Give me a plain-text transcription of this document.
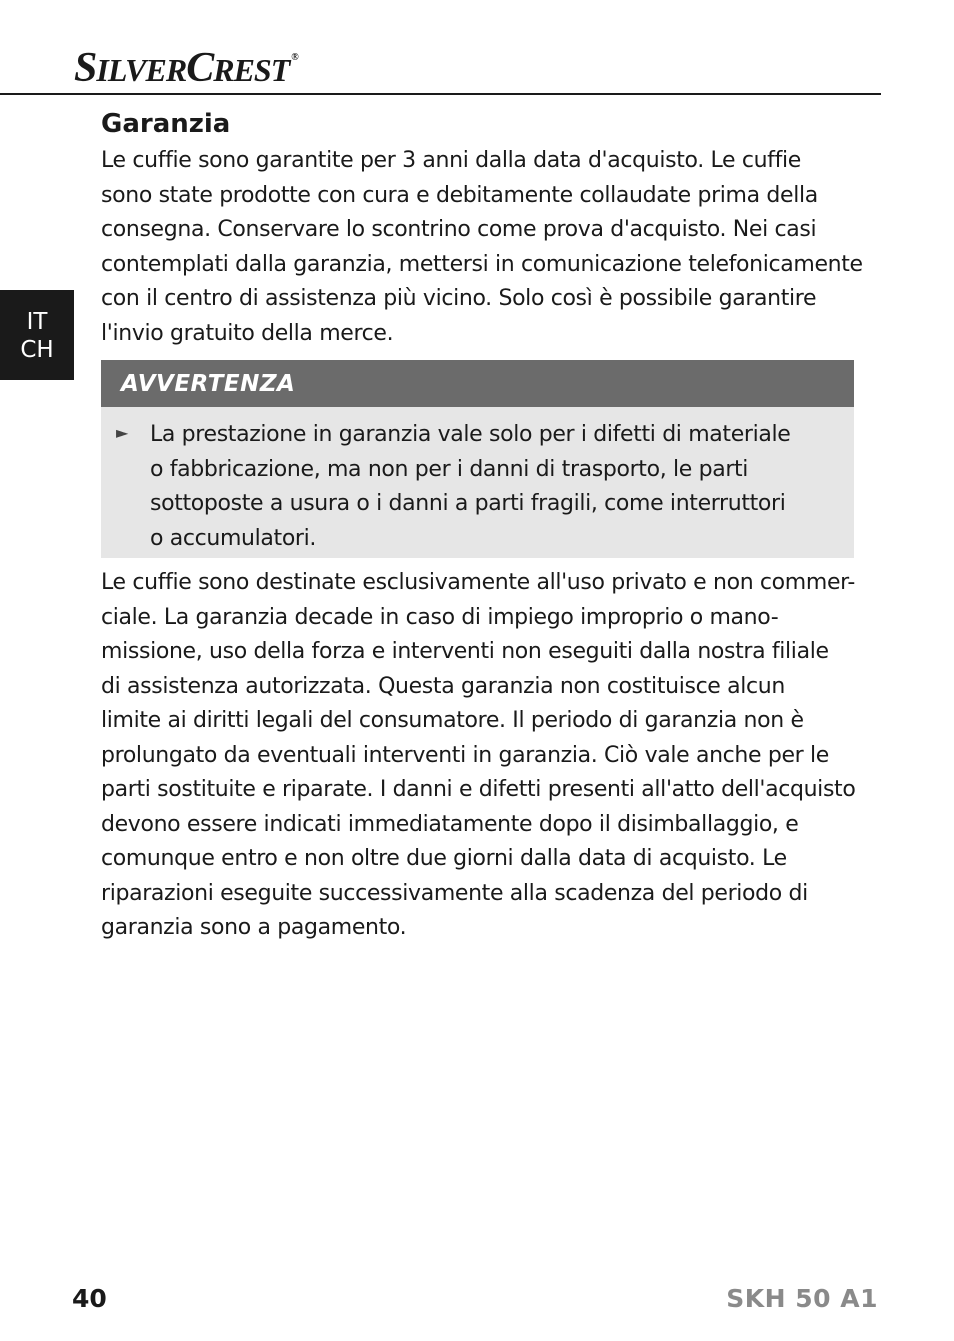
SILVERCREST ®
IT
CH
Garanzia

Le cuffie sono garantite per 3 anni dalla data d'acquisto. Le cuffie

sono state prodotte con cura e debitamente collaudate prima della

consegna. Conservare lo scontrino come prova d'acquisto. Nei casi

contemplati dalla garanzia, mettersi in comunicazione telefonicamente

con il centro di assistenza più vicino. Solo così è possibile garantire

l'invio gratuito della merce.

AVVERTENZA
► La prestazione in garanzia vale solo per i difetti di materiale

o fabbricazione, ma non per i danni di trasporto, le parti

sottoposte a usura o i danni a parti fragili, come interruttori

o accumulatori.

Le cuffie sono destinate esclusivamente all'uso privato e non commer-

ciale. La garanzia decade in caso di impiego improprio o mano-

missione, uso della forza e interventi non eseguiti dalla nostra filiale

di assistenza autorizzata. Questa garanzia non costituisce alcun

limite ai diritti legali del consumatore. Il periodo di garanzia non è

prolungato da eventuali interventi in garanzia. Ciò vale anche per le

parti sostituite e riparate. I danni e difetti presenti all'atto dell'acquisto

devono essere indicati immediatamente dopo il disimballaggio, e

comunque entro e non oltre due giorni dalla data di acquisto. Le

riparazioni eseguite successivamente alla scadenza del periodo di

garanzia sono a pagamento.

40	SKH 50 A1
